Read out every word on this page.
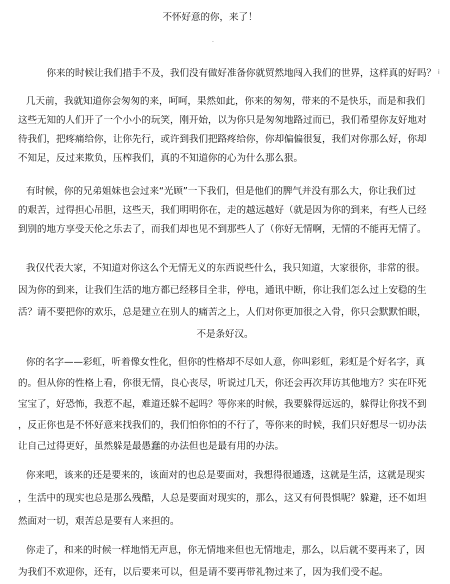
不怀好意的你，来了！
.
你来的时候让我们措手不及，我们没有做好准备你就贸然地闯入我们的世界，这样真的好吗？ ⅰ
几天前，我就知道你会匆匆的来，呵呵，果然如此，你来的匆匆，带来的不是快乐，而是和我们
这些无知的人们开了一个小小的玩笑，刚开始，以为你只是匆匆地路过而已，我们希望你友好地对
待我们，把疼痛给你，让你先行，或许到我们把路疼给你，你却偏偏很复，我们对你那么好，你却
不知足，反过来欺负，压榨我们，真的不知道你的心为什么那么狠。
有时候，你的兄弟姐妹也会过来“光顾”一下我们，但是他们的脾气并没有那么大，你让我们过
的艰苦，过得担心吊胆，这些天，我们明明你在，走的越远越好（就是因为你的到来，有些人已经
到别的地方享受天伦之乐去了，而我们却也见不到那些人了（你好无情啊，无情的不能再无情了。
我仅代表大家，不知道对你这么个无情无义的东西说些什么，我只知道，大家很你，非常的很。
因为你的到来，让我们生活的地方都已经移目全非，停电，通讯中断，你让我们怎么过上安稳的生
活？请不要把你的欢乐，总是建立在别人的痛苦之上，人们对你更加很之入骨，你只会默默怕眼，
不是条好汉。
你的名字——彩虹，听着像女性化，但你的性格却不尽如人意，你叫彩虹，彩虹是个好名字，真
的。但从你的性格上看，你很无情，良心丧尽，听说过几天，你还会再次拜访其他地方？实在吓死
宝宝了，好恐怖，我惹不起，难道还躲不起吗？等你来的时候，我要躲得远远的，躲得让你找不到
，反正你也是不怀好意来找我们的，我们怕你怕的不行了，等你来的时候，我们只好想尽一切办法
让自己过得更好，虽然躲是最愚蠢的办法但也是最有用的办法。
你来吧，该来的还是要来的，该面对的也总是要面对，我想得很通透，这就是生活，这就是现实
，生活中的现实也总是那么残酷，人总是要面对现实的，那么，这又有何畏惧呢？躲避，还不如坦
然面对一切，艰苦总是要有人来担的。
你走了，和来的时候一样地悄无声息，你无情地来但也无情地走，那么，以后就不要再来了，因
为我们不欢迎你，还有，以后要来可以，但是请不要再带礼物过来了，因为我们受不起。
